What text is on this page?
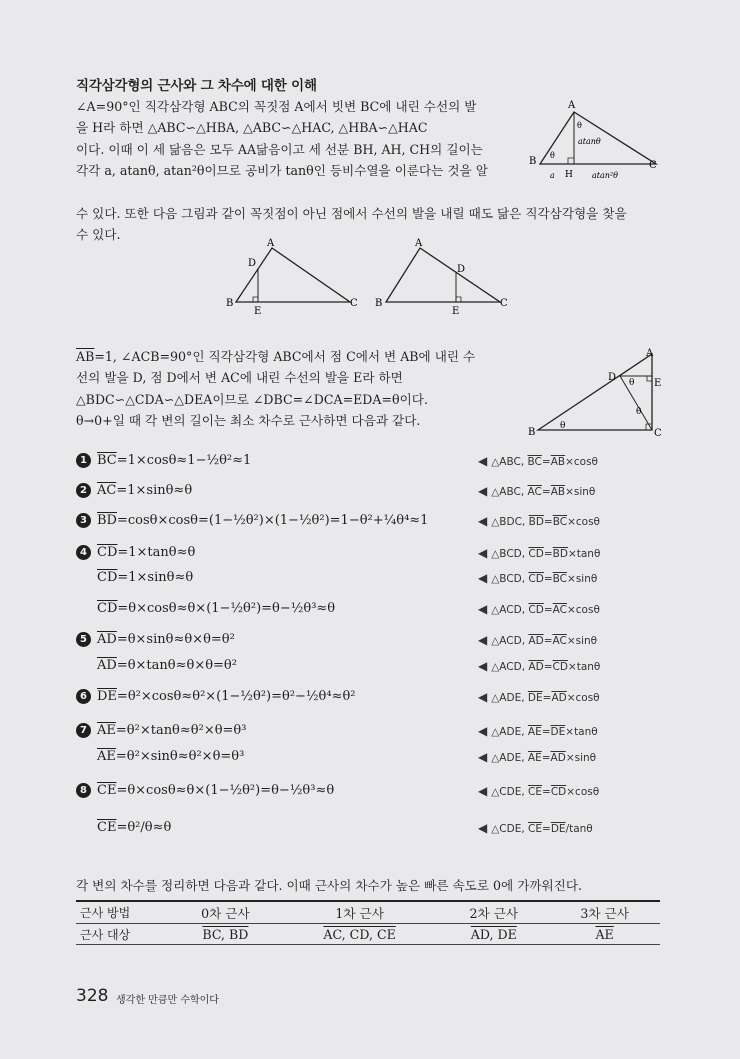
직각삼각형의 근사와 그 차수에 대한 이해
∠A=90°인 직각삼각형 ABC의 꼭짓점 A에서 빗변 BC에 내린 수선의 발
을 H라 하면 △ABC∽△HBA, △ABC∽△HAC, △HBA∽△HAC
이다. 이때 이 세 닮음은 모두 AA닮음이고 세 선분 BH, AH, CH의 길이는
각각 a, atanθ, atan²θ이므로 공비가 tanθ인 등비수열을 이룬다는 것을 알
수 있다. 또한 다음 그림과 같이 꼭짓점이 아닌 점에서 수선의 발을 내릴 때도 닮은 직각삼각형을 찾을
수 있다.
A
B	C
H
θ
θ
a
atanθ
atan²θ
A
B	C
D
E
A
B	C
D
E
$\overline{AB}=1$, ∠ACB=90°인 직각삼각형 ABC에서 점 C에서 변 AB에 내린 수
선의 발을 D, 점 D에서 변 AC에 내린 수선의 발을 E라 하면
△BDC∽△CDA∽△DEA이므로 ∠DBC=∠DCA=EDA=θ이다.
θ→0+일 때 각 변의 길이는 최소 차수로 근사하면 다음과 같다.
A
B	C
D
E
θ
θ
θ
1 $\overline{BC}=1\times\cos\theta\approx 1-\frac{1}{2}\theta^2\approx 1$	◀ △ABC, $\overline{BC}=\overline{AB}\times\cos\theta$
2 $\overline{AC}=1\times\sin\theta\approx\theta$	◀ △ABC, $\overline{AC}=\overline{AB}\times\sin\theta$
3 $\overline{BD}=\cos\theta\times\cos\theta=(1-\frac{1}{2}\theta^2)\times(1-\frac{1}{2}\theta^2)=1-\theta^2+\frac{1}{4}\theta^4\approx 1$	◀ △BDC, $\overline{BD}=\overline{BC}\times\cos\theta$
4 $\overline{CD}=1\times\tan\theta\approx\theta$	◀ △BCD, $\overline{CD}=\overline{BD}\times\tan\theta$
$\overline{CD}=1\times\sin\theta\approx\theta$	◀ △BCD, $\overline{CD}=\overline{BC}\times\sin\theta$
$\overline{CD}=\theta\times\cos\theta\approx\theta\times(1-\frac{1}{2}\theta^2)=\theta-\frac{1}{2}\theta^3\approx\theta$	◀ △ACD, $\overline{CD}=\overline{AC}\times\cos\theta$
5 $\overline{AD}=\theta\times\sin\theta\approx\theta\times\theta=\theta^2$	◀ △ACD, $\overline{AD}=\overline{AC}\times\sin\theta$
$\overline{AD}=\theta\times\tan\theta\approx\theta\times\theta=\theta^2$	◀ △ACD, $\overline{AD}=\overline{CD}\times\tan\theta$
6 $\overline{DE}=\theta^2\times\cos\theta\approx\theta^2\times(1-\frac{1}{2}\theta^2)=\theta^2-\frac{1}{2}\theta^4\approx\theta^2$	◀ △ADE, $\overline{DE}=\overline{AD}\times\cos\theta$
7 $\overline{AE}=\theta^2\times\tan\theta\approx\theta^2\times\theta=\theta^3$	◀ △ADE, $\overline{AE}=\overline{DE}\times\tan\theta$
$\overline{AE}=\theta^2\times\sin\theta\approx\theta^2\times\theta=\theta^3$	◀ △ADE, $\overline{AE}=\overline{AD}\times\sin\theta$
8 $\overline{CE}=\theta\times\cos\theta\approx\theta\times(1-\frac{1}{2}\theta^2)=\theta-\frac{1}{2}\theta^3\approx\theta$	◀ △CDE, $\overline{CE}=\overline{CD}\times\cos\theta$
$\overline{CE}=\theta^2/\theta\approx\theta$	◀ △CDE, $\overline{CE}=\overline{DE}$/tanθ
각 변의 차수를 정리하면 다음과 같다. 이때 근사의 차수가 높은 빠른 속도로 0에 가까워진다.
근사 방법	0차 근사	1차 근사	2차 근사	3차 근사
근사 대상	BC, BD	AC, CD, CE	AD, DE	$\overline{AE}$
328 생각한 만큼만 수학이다
